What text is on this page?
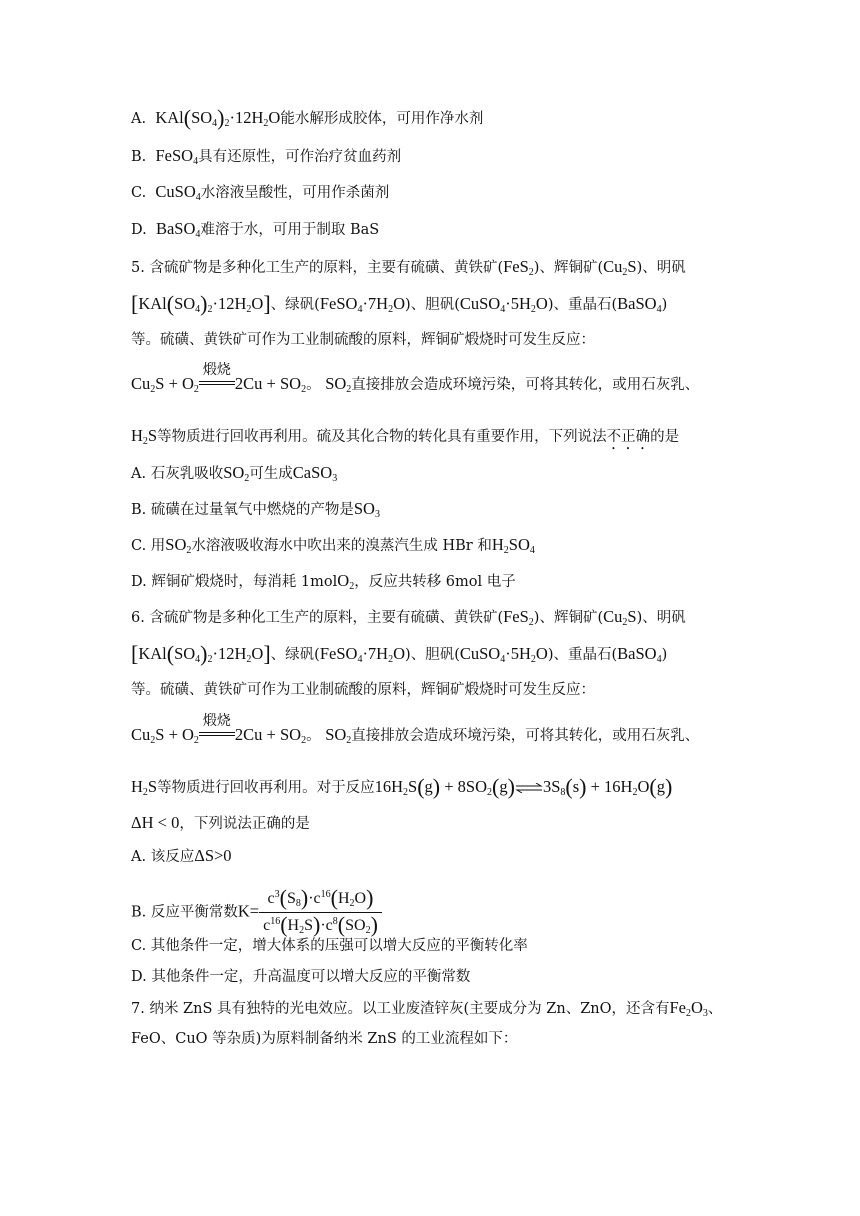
A. $KAl(SO_4)_2\cdot 12H_2O$能水解形成胶体，可用作净水剂
B. FeSO$_4$具有还原性，可作治疗贫血药剂
C. CuSO$_4$水溶液呈酸性，可用作杀菌剂
D. BaSO$_4$难溶于水，可用于制取 BaS
5. 含硫矿物是多种化工生产的原料，主要有硫磺、黄铁矿(FeS$_2$)、辉铜矿$(Cu_2S)$、明矾
$[KAl(SO_4)_2\cdot 12H_2O]$、绿矾$(FeSO_4\cdot 7H_2O)$、胆矾$(CuSO_4\cdot 5H_2O)$、重晶石(BaSO$_4$)
等。硫磺、黄铁矿可作为工业制硫酸的原料，辉铜矿煅烧时可发生反应：
$Cu_2S + O_2$
煅烧
$2Cu + SO_2$。 $SO_2$直接排放会造成环境污染，可将其转化，或用石灰乳、
$H_2S$等物质进行回收再利用。硫及其化合物的转化具有重要作用，下列说法不正确的是
A. 石灰乳吸收$SO_2$可生成CaSO$_3$
B. 硫磺在过量氧气中燃烧的产物是$SO_3$
C. 用$SO_2$水溶液吸收海水中吹出来的溴蒸汽生成 HBr 和$H_2SO_4$
D. 辉铜矿煅烧时，每消耗 1molO$_2$，反应共转移 6mol 电子
6. 含硫矿物是多种化工生产的原料，主要有硫磺、黄铁矿(FeS$_2$)、辉铜矿$(Cu_2S)$、明矾
$[KAl(SO_4)_2\cdot 12H_2O]$、绿矾$(FeSO_4\cdot 7H_2O)$、胆矾$(CuSO_4\cdot 5H_2O)$、重晶石(BaSO$_4$)
等。硫磺、黄铁矿可作为工业制硫酸的原料，辉铜矿煅烧时可发生反应：
$Cu_2S + O_2$
煅烧
$2Cu + SO_2$。 $SO_2$直接排放会造成环境污染，可将其转化，或用石灰乳、
$H_2S$等物质进行回收再利用。对于反应$16H_2S(g)$ + $8SO_2(g)\rightleftharpoons 3S_8(s) + 16H_2O(g)$
ΔH < 0，下列说法正确的是
A. 该反应ΔS>0
B. 反应平衡常数$K= \frac{c^3(S_8)\cdot c^{16}(H_2O)}{c^{16}(H_2S)\cdot c^8(SO_2)}$
C. 其他条件一定，增大体系的压强可以增大反应的平衡转化率
D. 其他条件一定，升高温度可以增大反应的平衡常数
7. 纳米 ZnS 具有独特的光电效应。以工业废渣锌灰(主要成分为 Zn、ZnO，还含有$Fe_2O_3$、
FeO、CuO 等杂质)为原料制备纳米 ZnS 的工业流程如下：
